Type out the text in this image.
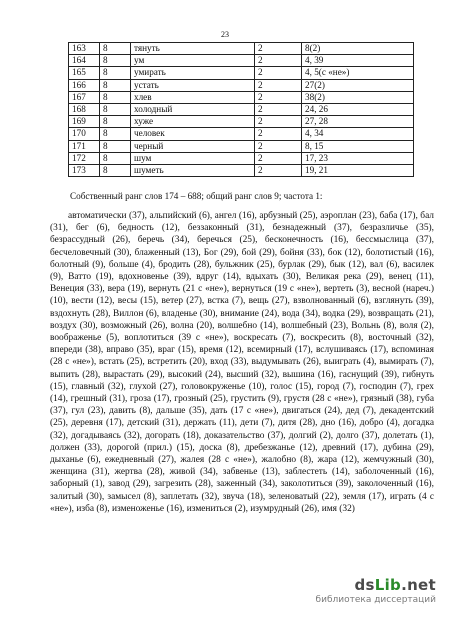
23
163	8	тянуть	2	8(2)
164	8	ум	2	4, 39
165	8	умирать	2	4, 5(с «не»)
166	8	устать	2	27(2)
167	8	хлев	2	38(2)
168	8	холодный	2	24, 26
169	8	хуже	2	27, 28
170	8	человек	2	4, 34
171	8	черный	2	8, 15
172	8	шум	2	17, 23
173	8	шуметь	2	19, 21
Собственный ранг слов 174 – 688; общий ранг слов 9; частота 1:
автоматически (37), альпийский (6), ангел (16), арбузный (25), аэроплан (23), баба (17), бал (31), бег (6), бедность (12), беззаконный (31), безнадежный (37), безразличье (35), безрассудный (26), беречь (34), беречься (25), бесконечность (16), бессмыслица (37), бесчеловечный (30), блаженный (13), Бог (29), бой (29), бойня (33), бок (12), болотистый (16), болотный (9), больше (4), бродить (28), бульжник (25), бурлак (29), бык (12), вал (6), василек (9), Ватто (19), вдохновенье (39), вдруг (14), вдыхать (30), Великая река (29), венец (11), Венеция (33), вера (19), вернуть (21 с «не»), вернуться (19 с «не»), вертеть (3), весной (нареч.) (10), вести (12), весы (15), ветер (27), встка (7), вещь (27), взволнованный (6), взглянуть (39), вздохнуть (28), Виллон (6), владенье (30), внимание (24), вода (34), водка (29), возвращать (21), воздух (30), возможный (26), волна (20), волшебно (14), волшебный (23), Вольнь (8), воля (2), воображенье (5), воплотиться (39 с «не»), воскресать (7), воскресить (8), восточный (32), впереди (38), вправо (35), враг (15), время (12), всемирный (17), вслушиваясь (17), вспоминая (28 с «не»), встать (25), встретить (20), вход (33), выдумывать (26), выиграть (4), вымирать (7), выпить (28), вырастать (29), высокий (24), высший (32), вышина (16), гаснущий (39), гибнуть (15), главный (32), глухой (27), головокруженье (10), голос (15), город (7), господин (7), грех (14), грешный (31), гроза (17), грозный (25), грустить (9), грустя (28 с «не»), грязный (38), губа (37), гул (23), давить (8), дальше (35), дать (17 с «не»), двигаться (24), дед (7), декадентский (25), деревня (17), детский (31), держать (11), дети (7), дитя (28), дно (16), добро (4), догадка (32), догадываясь (32), догорать (18), доказательство (37), долгий (2), долго (37), долетать (1), должен (33), дорогой (прил.) (15), доска (8), дребезжанье (12), древний (17), дубина (29), дыханье (6), ежедневный (27), жалея (28 с «не»), жалобно (8), жара (12), жемчужный (30), женщина (31), жертва (28), живой (34), забвенье (13), заблестеть (14), заболоченный (16), заборный (1), завод (29), загрезить (28), заженный (34), заколотиться (39), заколоченный (16), залитый (30), замысел (8), заплетать (32), звуча (18), зеленоватый (22), земля (17), играть (4 с «не»), изба (8), изменоженье (16), измениться (2), изумрудный (26), имя (32)
dsLib.net
библиотека диссертаций
